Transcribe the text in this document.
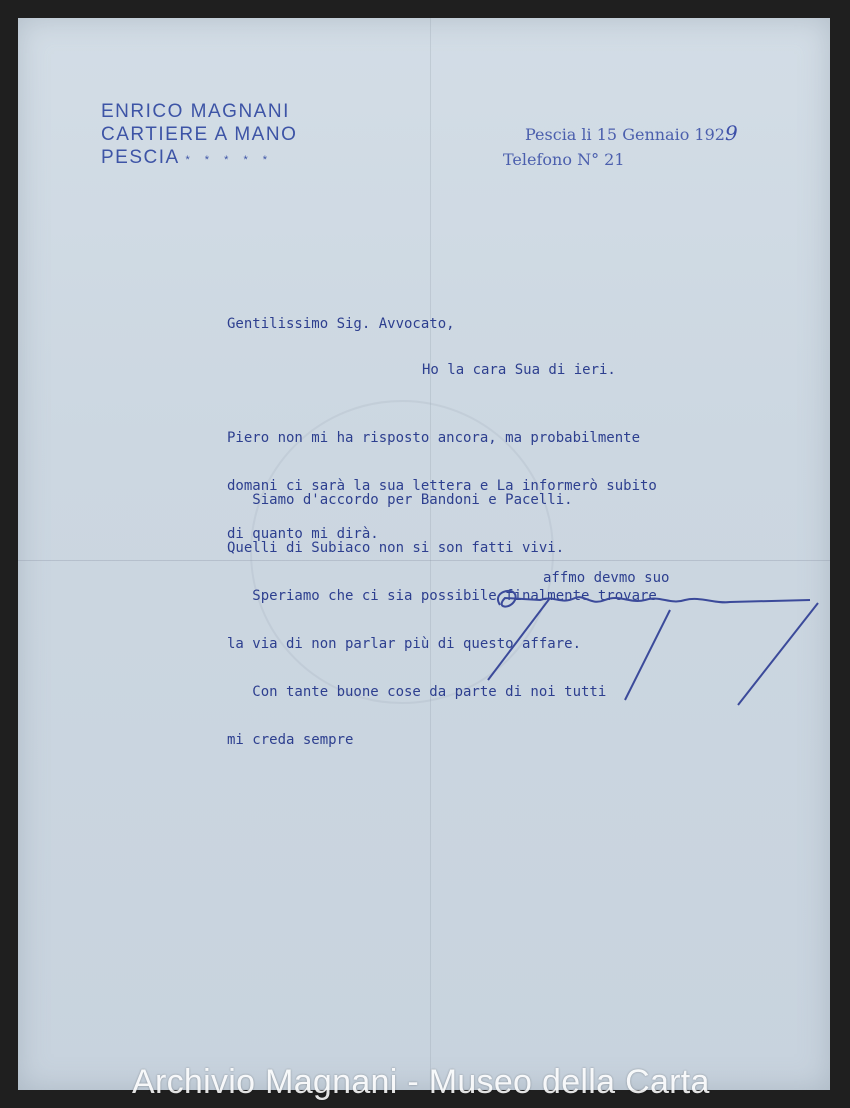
ENRICO MAGNANI
CARTIERE A MANO
PESCIA * * * * *
Pescia li 15 Gennaio 1929
Telefono N° 21
Gentilissimo Sig. Avvocato,
Ho la cara Sua di ieri.

Piero non mi ha risposto ancora, ma probabilmente

domani ci sarà la sua lettera e La informerò subito

di quanto mi dirà.

Siamo d'accordo per Bandoni e Pacelli.

Quelli di Subiaco non si son fatti vivi.

Speriamo che ci sia possibile finalmente trovare

la via di non parlar più di questo affare.

Con tante buone cose da parte di noi tutti

mi creda sempre

affmo devmo suo
Archivio Magnani - Museo della Carta
